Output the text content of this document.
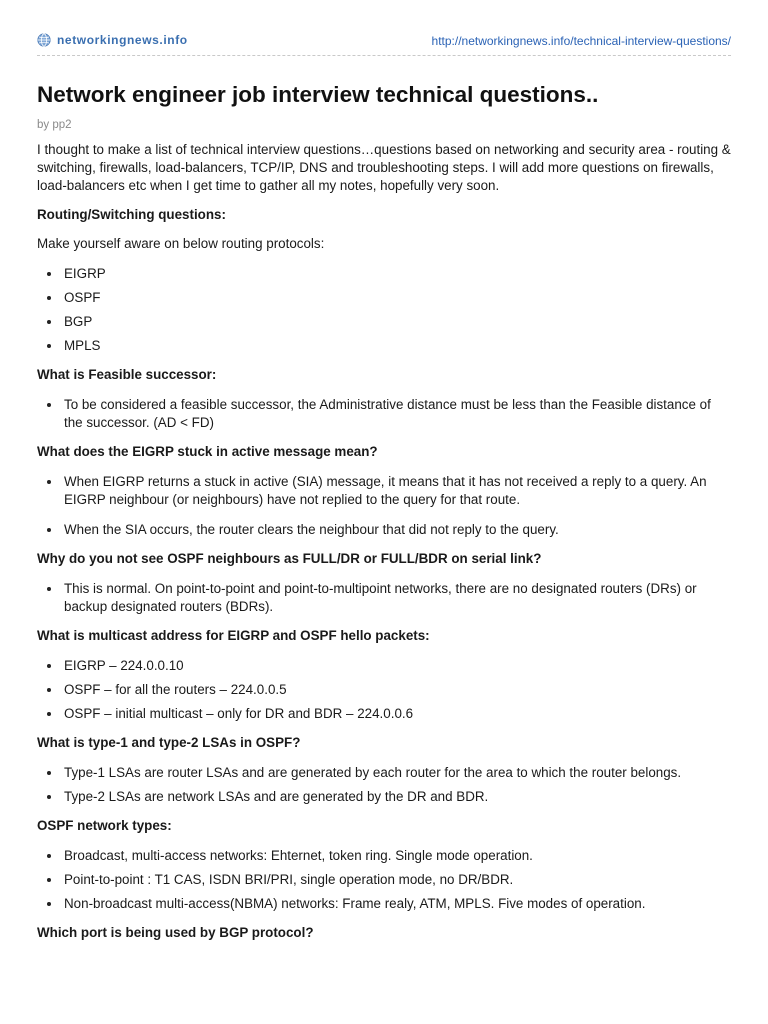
networkingnews.info	http://networkingnews.info/technical-interview-questions/
Network engineer job interview technical questions..
by pp2

I thought to make a list of technical interview questions…questions based on networking and security area - routing & switching, firewalls, load-balancers, TCP/IP, DNS and troubleshooting steps. I will add more questions on firewalls, load-balancers etc when I get time to gather all my notes, hopefully very soon.

Routing/Switching questions:

Make yourself aware on below routing protocols:

EIGRP
OSPF
BGP
MPLS
What is Feasible successor:
To be considered a feasible successor, the Administrative distance must be less than the Feasible distance of the successor. (AD < FD)
What does the EIGRP stuck in active message mean?
When EIGRP returns a stuck in active (SIA) message, it means that it has not received a reply to a query. An EIGRP neighbour (or neighbours) have not replied to the query for that route.
When the SIA occurs, the router clears the neighbour that did not reply to the query.
Why do you not see OSPF neighbours as FULL/DR or FULL/BDR on serial link?
This is normal. On point-to-point and point-to-multipoint networks, there are no designated routers (DRs) or backup designated routers (BDRs).
What is multicast address for EIGRP and OSPF hello packets:
EIGRP – 224.0.0.10
OSPF – for all the routers – 224.0.0.5
OSPF – initial multicast – only for DR and BDR – 224.0.0.6
What is type-1 and type-2 LSAs in OSPF?
Type-1 LSAs are router LSAs and are generated by each router for the area to which the router belongs.
Type-2 LSAs are network LSAs and are generated by the DR and BDR.
OSPF network types:
Broadcast, multi-access networks: Ehternet, token ring. Single mode operation.
Point-to-point : T1 CAS, ISDN BRI/PRI, single operation mode, no DR/BDR.
Non-broadcast multi-access(NBMA) networks: Frame realy, ATM, MPLS. Five modes of operation.
Which port is being used by BGP protocol?
